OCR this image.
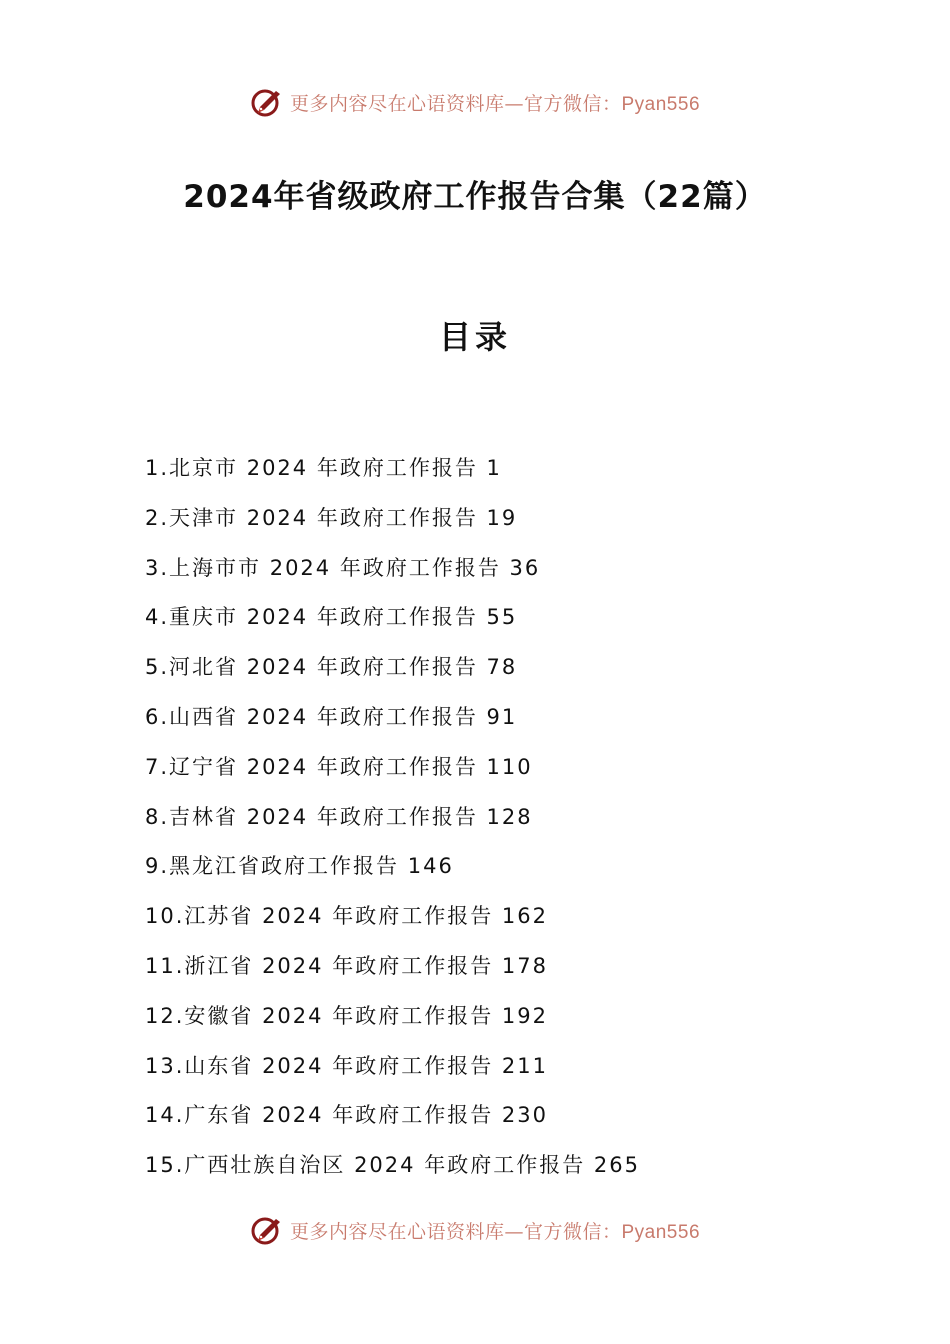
更多内容尽在心语资料库—官方微信：Pyan556
2024年省级政府工作报告合集（22篇）
目录
1.北京市 2024 年政府工作报告 1
2.天津市 2024 年政府工作报告 19
3.上海市市 2024 年政府工作报告 36
4.重庆市 2024 年政府工作报告 55
5.河北省 2024 年政府工作报告 78
6.山西省 2024 年政府工作报告 91
7.辽宁省 2024 年政府工作报告 110
8.吉林省 2024 年政府工作报告 128
9.黑龙江省政府工作报告 146
10.江苏省 2024 年政府工作报告 162
11.浙江省 2024 年政府工作报告 178
12.安徽省 2024 年政府工作报告 192
13.山东省 2024 年政府工作报告 211
14.广东省 2024 年政府工作报告 230
15.广西壮族自治区 2024 年政府工作报告 265
更多内容尽在心语资料库—官方微信：Pyan556
